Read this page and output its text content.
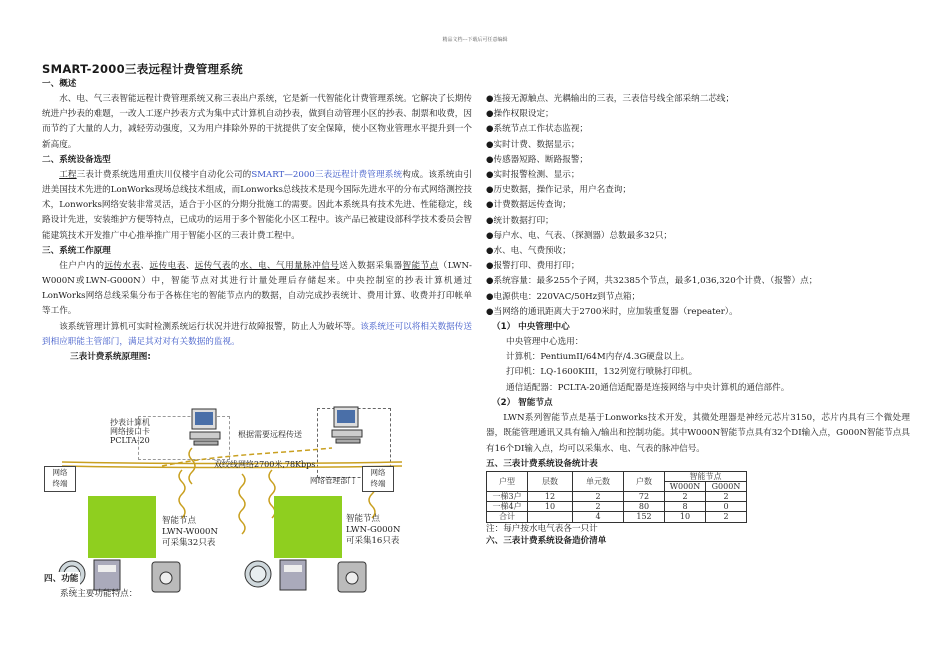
精品文档---下载后可任意编辑
SMART-2000三表远程计费管理系统
一、概述

水、电、气三表智能远程计费管理系统又称三表出户系统，它是新一代智能化计费管理系统。它解决了长期传统进户抄表的难题，一改人工逐户抄表方式为集中式计算机自动抄表，做到自动管理小区的抄表、制票和收费，因而节约了大量的人力，减轻劳动强度，又为用户排除外界的干扰提供了安全保障，使小区物业管理水平提升到一个新高度。

二、系统设备选型

工程三表计费系统选用重庆川仪楼宇自动化公司的SMART—2000三表远程计费管理系统构成。该系统由引进美国技术先进的LonWorks现场总线技术组成，而Lonworks总线技术是现今国际先进水平的分布式网络测控技术，Lonworks网络安装非常灵活，适合于小区的分期分批施工的需要。因此本系统具有技术先进、性能稳定，线路设计先进，安装维护方便等特点，已成功的运用于多个智能化小区工程中。该产品已被建设部科学技术委员会智能建筑技术开发推广中心推举推广用于智能小区的三表计费工程中。

三、系统工作原理

住户户内的远传水表、远传电表、远传气表的水、电、气用量脉冲信号送入数据采集器智能节点（LWN-W000N或LWN-G000N）中，智能节点对其进行计量处理后存储起来。中央控制室的抄表计算机通过LonWorks网络总线采集分布于各栋住宅的智能节点内的数据，自动完成抄表统计、费用计算、收费并打印帐单等工作。

该系统管理计算机可实时检测系统运行状况并进行故障报警，防止人为破坏等。该系统还可以将相关数据传送到相应职能主管部门，满足其对对有关数据的监视。

三表计费系统原理图:
抄表计算机
网络接口卡
PCLTA-20
根据需要远程传送
双绞线网络2700米,78Kbps
网络管理部门
网络
终端
网络
终端
智能节点
LWN-W000N
可采集32只表
智能节点
LWN-G000N
可采集16只表
四、功能
系统主要功能特点：

●连接无源触点、光耦输出的三表，三表信号线全部采纳二芯线；

●操作权限设定；

●系统节点工作状态监视；

●实时计费、数据显示；

●传感器短路、断路报警；

●实时报警检测、显示；

●历史数据，操作记录，用户名查询；

●计费数据远传查询；

●统计数据打印；

●每户水、电、气表、（探测器）总数最多32只；

●水、电、气费预收；

●报警打印、费用打印；

●系统容量：最多255个子网，共32385个节点，最多1,036,320个计费、（报警）点；

●电源供电：220VAC/50Hz到节点箱；

●当网络的通讯距离大于2700米时，应加装重复器（repeater）。

（1） 中央管理中心
中央管理中心选用：
计算机：PentiumII/64M内存/4.3G硬盘以上。
打印机：LQ-1600KIII，132列宽行喷脉打印机。
通信适配器：PCLTA-20通信适配器是连接网络与中央计算机的通信部件。
（2） 智能节点

LWN系列智能节点是基于Lonworks技术开发，其微处理器是神经元芯片3150，芯片内具有三个微处理器，既能管理通讯又具有输入/输出和控制功能。其中W000N智能节点具有32个DI输入点，G000N智能节点具有16个DI输入点，均可以采集水、电、气表的脉冲信号。

五、三表计费系统设备统计表
户型	层数	单元数	户数	智能节点	
				W000N	G000N
一梯3户	12	2	72	2	2
一梯4户	10	2	80	8	0
合计		4	152	10	2
注：每户按水电气表各一只计
六、三表计费系统设备造价清单
